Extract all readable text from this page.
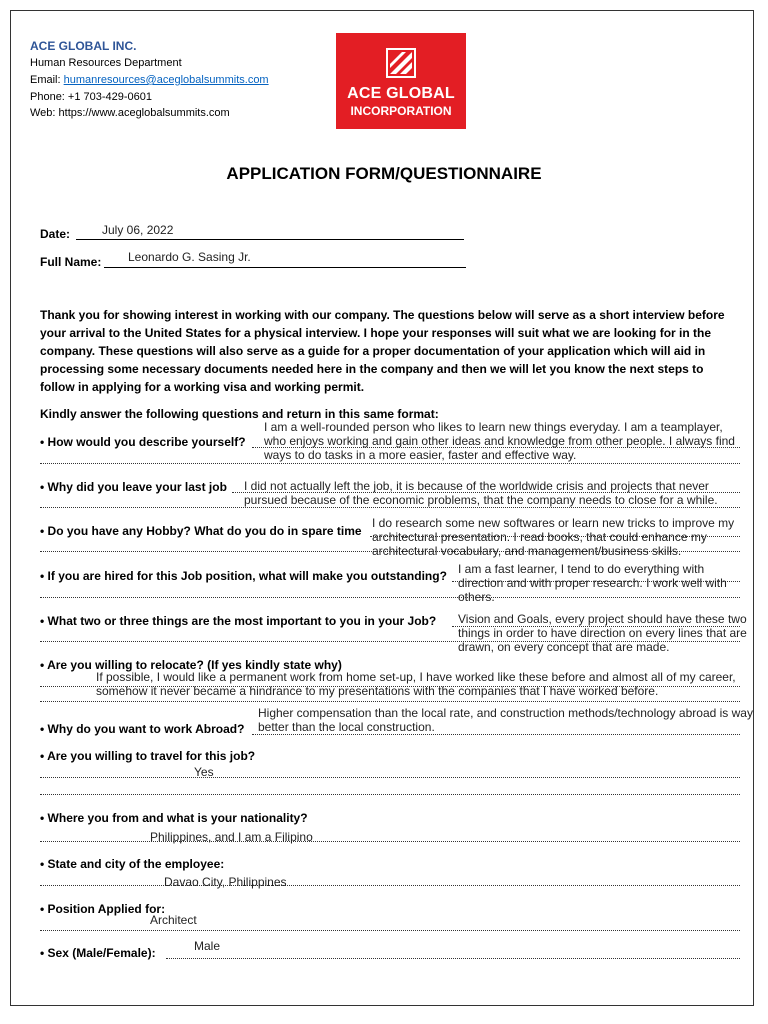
ACE GLOBAL INC.
Human Resources Department
Email: humanresources@aceglobalsummits.com
Phone: +1 703-429-0601
Web: https://www.aceglobalsummits.com
ACE GLOBAL
INCORPORATION
APPLICATION FORM/QUESTIONNAIRE
Date:	July 06, 2022
Full Name: Leonardo G. Sasing Jr.
Thank you for showing interest in working with our company. The questions below will serve as a short interview before your arrival to the United States for a physical interview. I hope your responses will suit what we are looking for in the company. These questions will also serve as a guide for a proper documentation of your application which will aid in processing some necessary documents needed here in the company and then we will let you know the next steps to follow in applying for a working visa and working permit.
Kindly answer the following questions and return in this same format:
• How would you describe yourself?
I am a well-rounded person who likes to learn new things everyday. I am a teamplayer, who enjoys working and gain other ideas and knowledge from other people. I always find ways to do tasks in a more easier, faster and effective way.
• Why did you leave your last job I did not actually left the job, it is because of the worldwide crisis and projects that never pursued because of the economic problems, that the company needs to close for a while.
• Do you have any Hobby? What do you do in spare time
I do research some new softwares or learn new tricks to improve my architectural presentation. I read books, that could enhance my architectural vocabulary, and management/business skills.
• If you are hired for this Job position, what will make you outstanding? I am a fast learner, I tend to do everything with direction and with proper research. I work well with others.
• What two or three things are the most important to you in your Job? Vision and Goals, every project should have these two things in order to have direction on every lines that are drawn, on every concept that are made.
• Are you willing to relocate? (If yes kindly state why)
If possible, I would like a permanent work from home set-up, I have worked like these before and almost all of my career, somehow it never became a hindrance to my presentations with the companies that I have worked before.
• Why do you want to work Abroad?
Higher compensation than the local rate, and construction methods/technology abroad is way better than the local construction.
• Are you willing to travel for this job?
Yes
• Where you from and what is your nationality?
Philippines, and I am a Filipino
• State and city of the employee:
Davao City, Philippines
• Position Applied for:
Architect
• Sex (Male/Female):	Male
